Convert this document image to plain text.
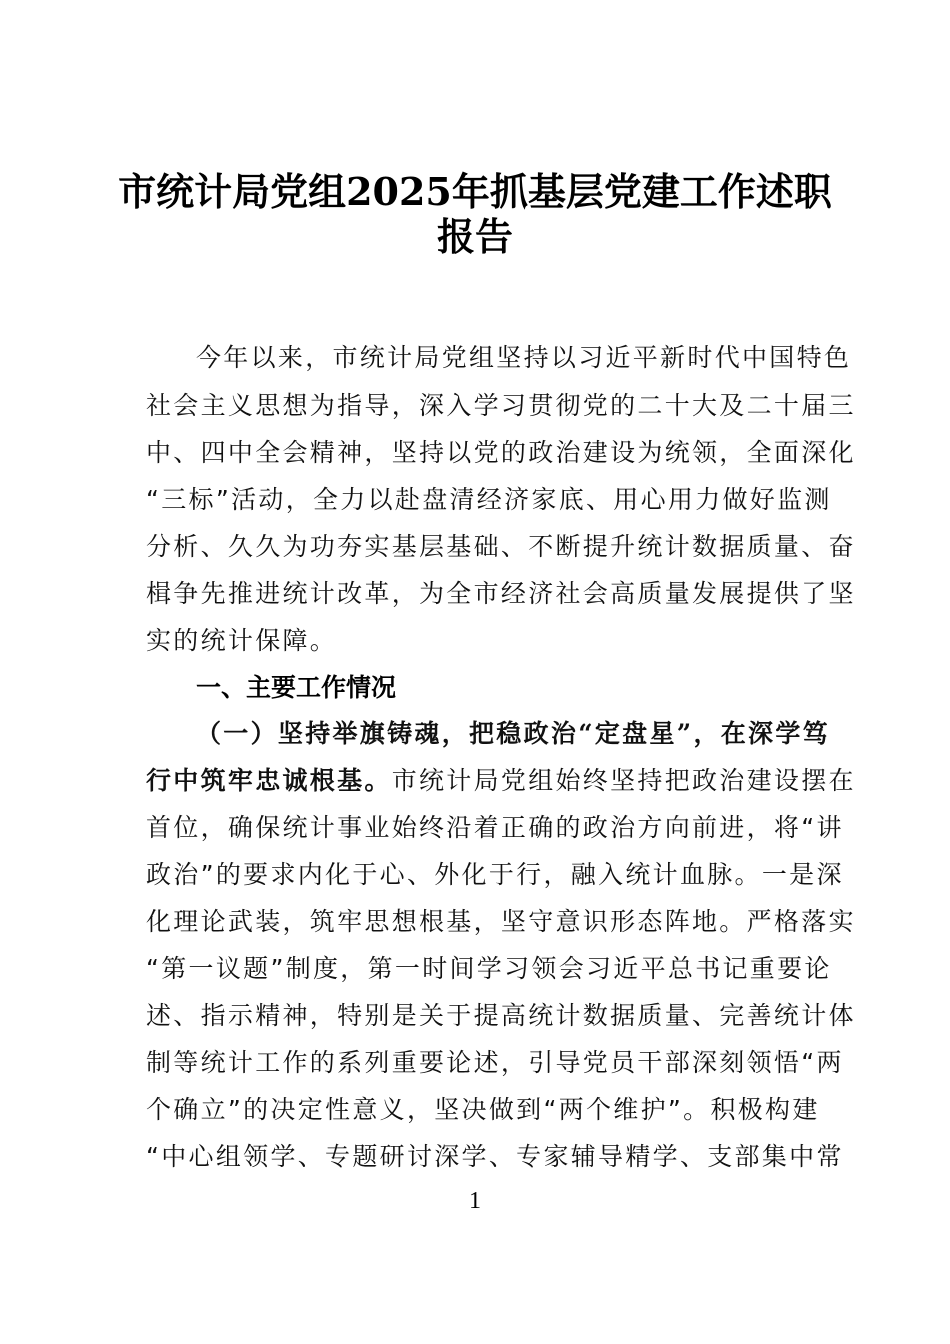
市统计局党组2025年抓基层党建工作述职
报告
今年以来，市统计局党组坚持以习近平新时代中国特色
社会主义思想为指导，深入学习贯彻党的二十大及二十届三
中、四中全会精神，坚持以党的政治建设为统领，全面深化
“三标”活动，全力以赴盘清经济家底、用心用力做好监测
分析、久久为功夯实基层基础、不断提升统计数据质量、奋
楫争先推进统计改革，为全市经济社会高质量发展提供了坚
实的统计保障。
一、主要工作情况
（一）坚持举旗铸魂，把稳政治“定盘星”，在深学笃
行中筑牢忠诚根基。市统计局党组始终坚持把政治建设摆在
首位，确保统计事业始终沿着正确的政治方向前进，将“讲
政治”的要求内化于心、外化于行，融入统计血脉。一是深
化理论武装，筑牢思想根基，坚守意识形态阵地。严格落实
“第一议题”制度，第一时间学习领会习近平总书记重要论
述、指示精神，特别是关于提高统计数据质量、完善统计体
制等统计工作的系列重要论述，引导党员干部深刻领悟“两
个确立”的决定性意义，坚决做到“两个维护”。积极构建
“中心组领学、专题研讨深学、专家辅导精学、支部集中常
1
